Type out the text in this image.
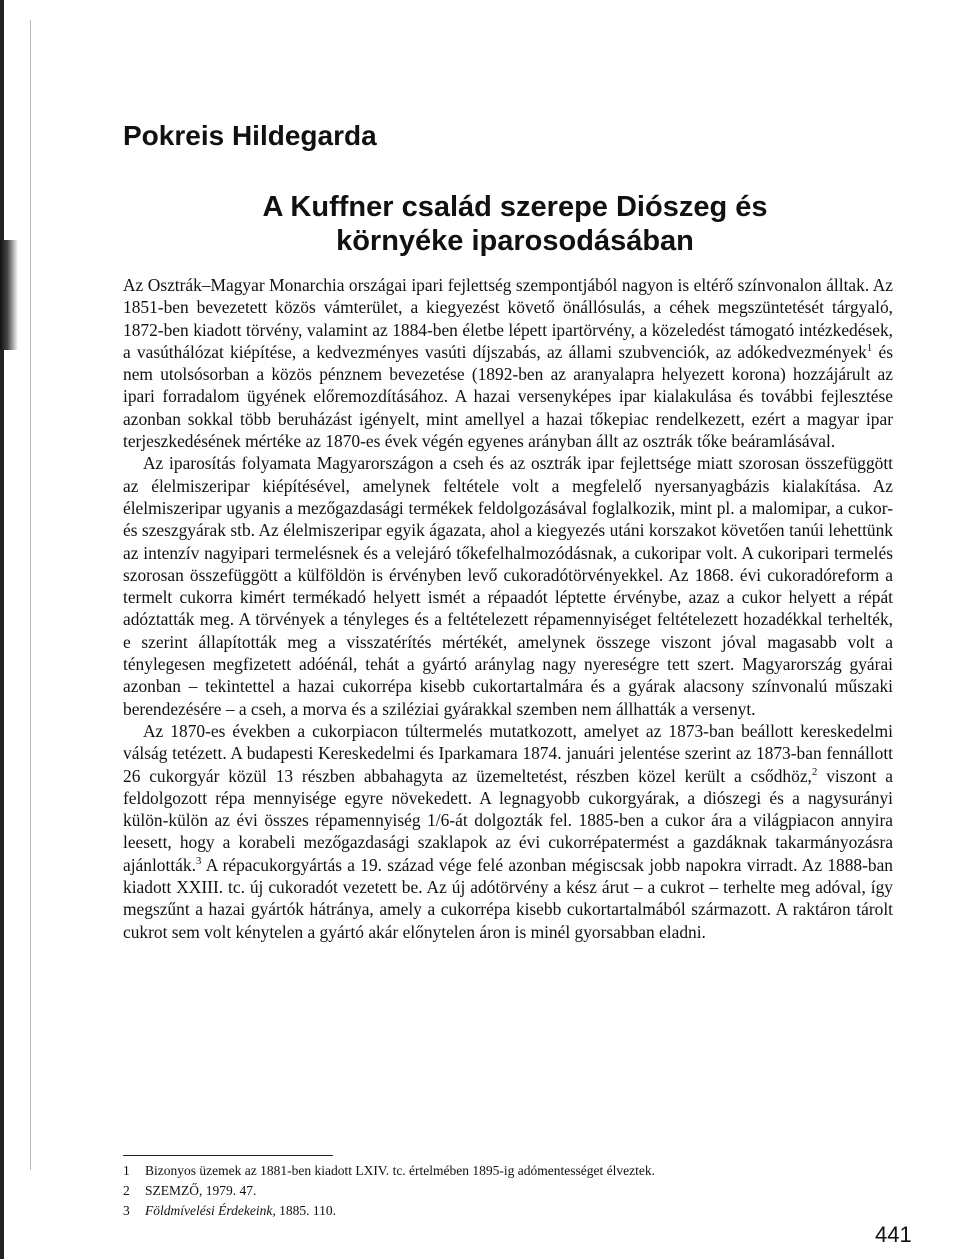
Pokreis Hildegarda
A Kuffner család szerepe Diószeg és környéke iparosodásában

Az Osztrák–Magyar Monarchia országai ipari fejlettség szempontjából nagyon is eltérő színvonalon álltak. Az 1851-ben bevezetett közös vámterület, a kiegyezést követő önállósulás, a céhek megszüntetését tárgyaló, 1872-ben kiadott törvény, valamint az 1884-ben életbe lépett ipartörvény, a közeledést támogató intézkedések, a vasúthálózat kiépítése, a kedvezményes vasúti díjszabás, az állami szubvenciók, az adókedvezmények$^1$ és nem utolsósorban a közös pénznem bevezetése (1892-ben az aranyalapra helyezett korona) hozzájárult az ipari forradalom ügyének előremozdításához. A hazai versenyképes ipar kialakulása és további fejlesztése azonban sokkal több beruházást igényelt, mint amellyel a hazai tőkepiac rendelkezett, ezért a magyar ipar terjeszkedésének mértéke az 1870-es évek végén egyenes arányban állt az osztrák tőke beáramlásával.

Az iparosítás folyamata Magyarországon a cseh és az osztrák ipar fejlettsége miatt szorosan összefüggött az élelmiszeripar kiépítésével, amelynek feltétele volt a megfelelő nyersanyagbázis kialakítása. Az élelmiszeripar ugyanis a mezőgazdasági termékek feldolgozásával foglalkozik, mint pl. a malomipar, a cukor- és szeszgyárak stb. Az élelmiszeripar egyik ágazata, ahol a kiegyezés utáni korszakot követően tanúi lehettünk az intenzív nagyipari termelésnek és a velejáró tőkefelhalmozódásnak, a cukoripar volt. A cukoripari termelés szorosan összefüggött a külföldön is érvényben levő cukoradótörvényekkel. Az 1868. évi cukoradóreform a termelt cukorra kimért termékadó helyett ismét a répaadót léptette érvénybe, azaz a cukor helyett a répát adóztatták meg. A törvények a tényleges és a feltételezett répamennyiséget feltételezett hozadékkal terhelték, e szerint állapították meg a visszatérítés mértékét, amelynek összege viszont jóval magasabb volt a ténylegesen megfizetett adóénál, tehát a gyártó aránylag nagy nyereségre tett szert. Magyarország gyárai azonban – tekintettel a hazai cukorrépa kisebb cukortartalmára és a gyárak alacsony színvonalú műszaki berendezésére – a cseh, a morva és a sziléziai gyárakkal szemben nem állhatták a versenyt.

Az 1870-es években a cukorpiacon túltermelés mutatkozott, amelyet az 1873-ban beállott kereskedelmi válság tetézett. A budapesti Kereskedelmi és Iparkamara 1874. januári jelentése szerint az 1873-ban fennállott 26 cukorgyár közül 13 részben abbahagyta az üzemeltetést, részben közel került a csődhöz,$^2$ viszont a feldolgozott répa mennyisége egyre növekedett. A legnagyobb cukorgyárak, a diószegi és a nagysurányi külön-külön az évi összes répamennyiség 1/6-át dolgozták fel. 1885-ben a cukor ára a világpiacon annyira leesett, hogy a korabeli mezőgazdasági szaklapok az évi cukorrépatermést a gazdáknak takarmányozásra ajánlották.$^3$ A répacukorgyártás a 19. század vége felé azonban mégiscsak jobb napokra virradt. Az 1888-ban kiadott XXIII. tc. új cukoradót vezetett be. Az új adótörvény a kész árut – a cukrot – terhelte meg adóval, így megszűnt a hazai gyártók hátránya, amely a cukorrépa kisebb cukortartalmából származott. A raktáron tárolt cukrot sem volt kénytelen a gyártó akár előnytelen áron is minél gyorsabban eladni.

1	Bizonyos üzemek az 1881-ben kiadott LXIV. tc. értelmében 1895-ig adómentességet élveztek.
2	SZEMZŐ, 1979. 47.
3	Földmívelési Érdekeink, 1885. 110.
441
